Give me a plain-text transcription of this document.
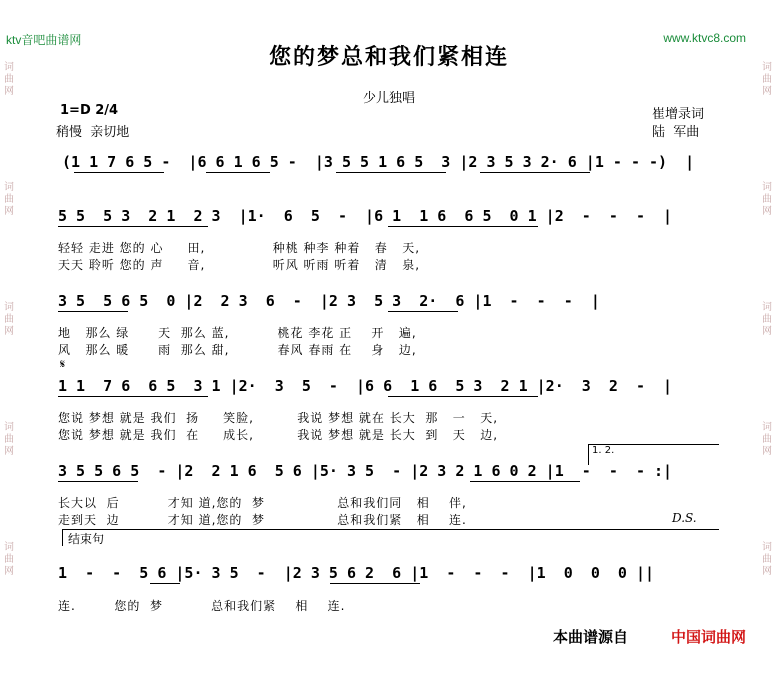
ktv音吧曲谱网	www.ktvc8.com
您的梦总和我们紧相连
少儿独唱
1=D 2/4
稍慢  亲切地
崔增录词
陆  军曲
词
曲
网
词
曲
网
词
曲
网
词
曲
网
词
曲
网
词
曲
网
词
曲
网
词
曲
网
词
曲
网
词
曲
网
(1 1 7 6 5 -  |6 6 1 6 5 -  |3 5 5 1 6 5  3 |2 3 5 3 2· 6 |1 - - -)  |
5 5  5 3  2 1  2 3  |1·  6  5  -  |6 1  1 6  6 5  0 1 |2  -  -  -  |
轻轻 走进 您的 心     田,              种桃 种李 种着   春   天,
天天 聆听 您的 声     音,              听风 听雨 听着   清   泉,
3 5  5 6 5  0 |2  2 3  6  -  |2 3  5 3  2·  6 |1  -  -  -  |
地   那么 绿      天  那么 蓝,          桃花 李花 正    开   遍,
风   那么 暖      雨  那么 甜,          春风 春雨 在    身   边,
𝄋
1 1  7 6  6 5  3 1 |2·  3  5  -  |6 6  1 6  5 3  2 1 |2·  3  2  -  |
您说 梦想 就是 我们  扬     笑脸,         我说 梦想 就在 长大  那   一   天,
您说 梦想 就是 我们  在     成长,         我说 梦想 就是 长大  到   天   边,
1. 2.
3 5 5 6 5  - |2  2 1 6  5 6 |5· 3 5  - |2 3 2 1 6 0 2 |1  -  -  - :|
长大以  后          才知 道,您的  梦               总和我们同   相    伴,
走到天  边          才知 道,您的  梦               总和我们紧   相    连.	D.S.
结束句
1  -  -  5 6 |5· 3 5  -  |2 3 5 6 2  6 |1  -  -  -  |1  0  0  0 ||
连.        您的  梦          总和我们紧    相    连.
本曲谱源自	中国词曲网
